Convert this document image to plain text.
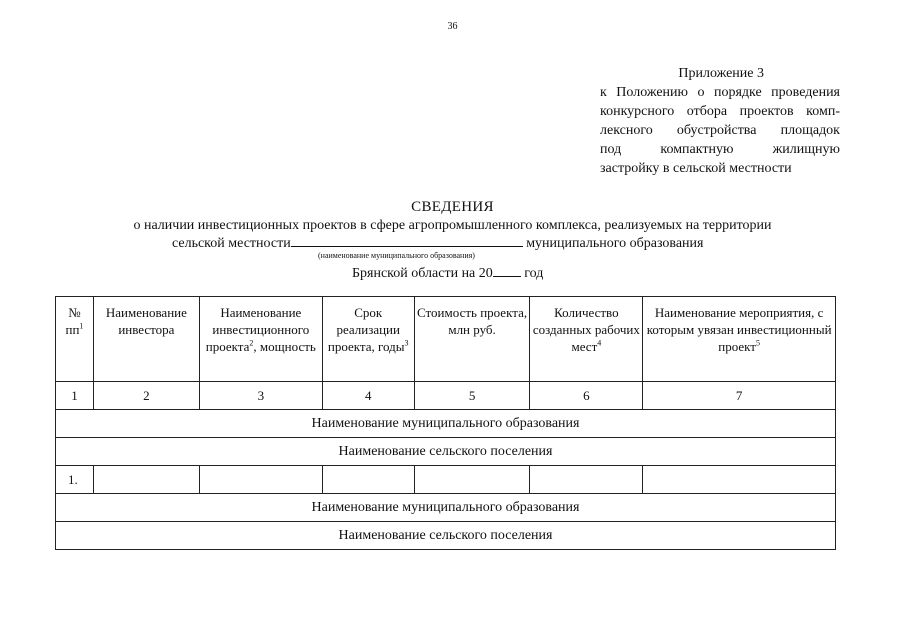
36
Приложение 3
к Положению о порядке проведения
конкурсного отбора проектов комп-
лексного обустройства площадок
под компактную жилищную
застройку в сельской местности
СВЕДЕНИЯ
о наличии инвестиционных проектов в сфере агропромышленного комплекса, реализуемых на территории
сельской местности	муниципального образования
(наименование муниципального образования)
Брянской области на 20 год
№ $пп^1$	Наименование инвестора	Наименование инвестиционного проекта$^2$, мощность	Срок реализации проекта, годы$^3$	Стоимость проекта, млн руб.	Количество созданных рабочих мест$^4$	Наименование мероприятия, с которым увязан инвестиционный проект$^5$
1	2	3	4	5	6	7
Наименование муниципального образования						
Наименование сельского поселения						
1.						
Наименование муниципального образования						
Наименование сельского поселения						
